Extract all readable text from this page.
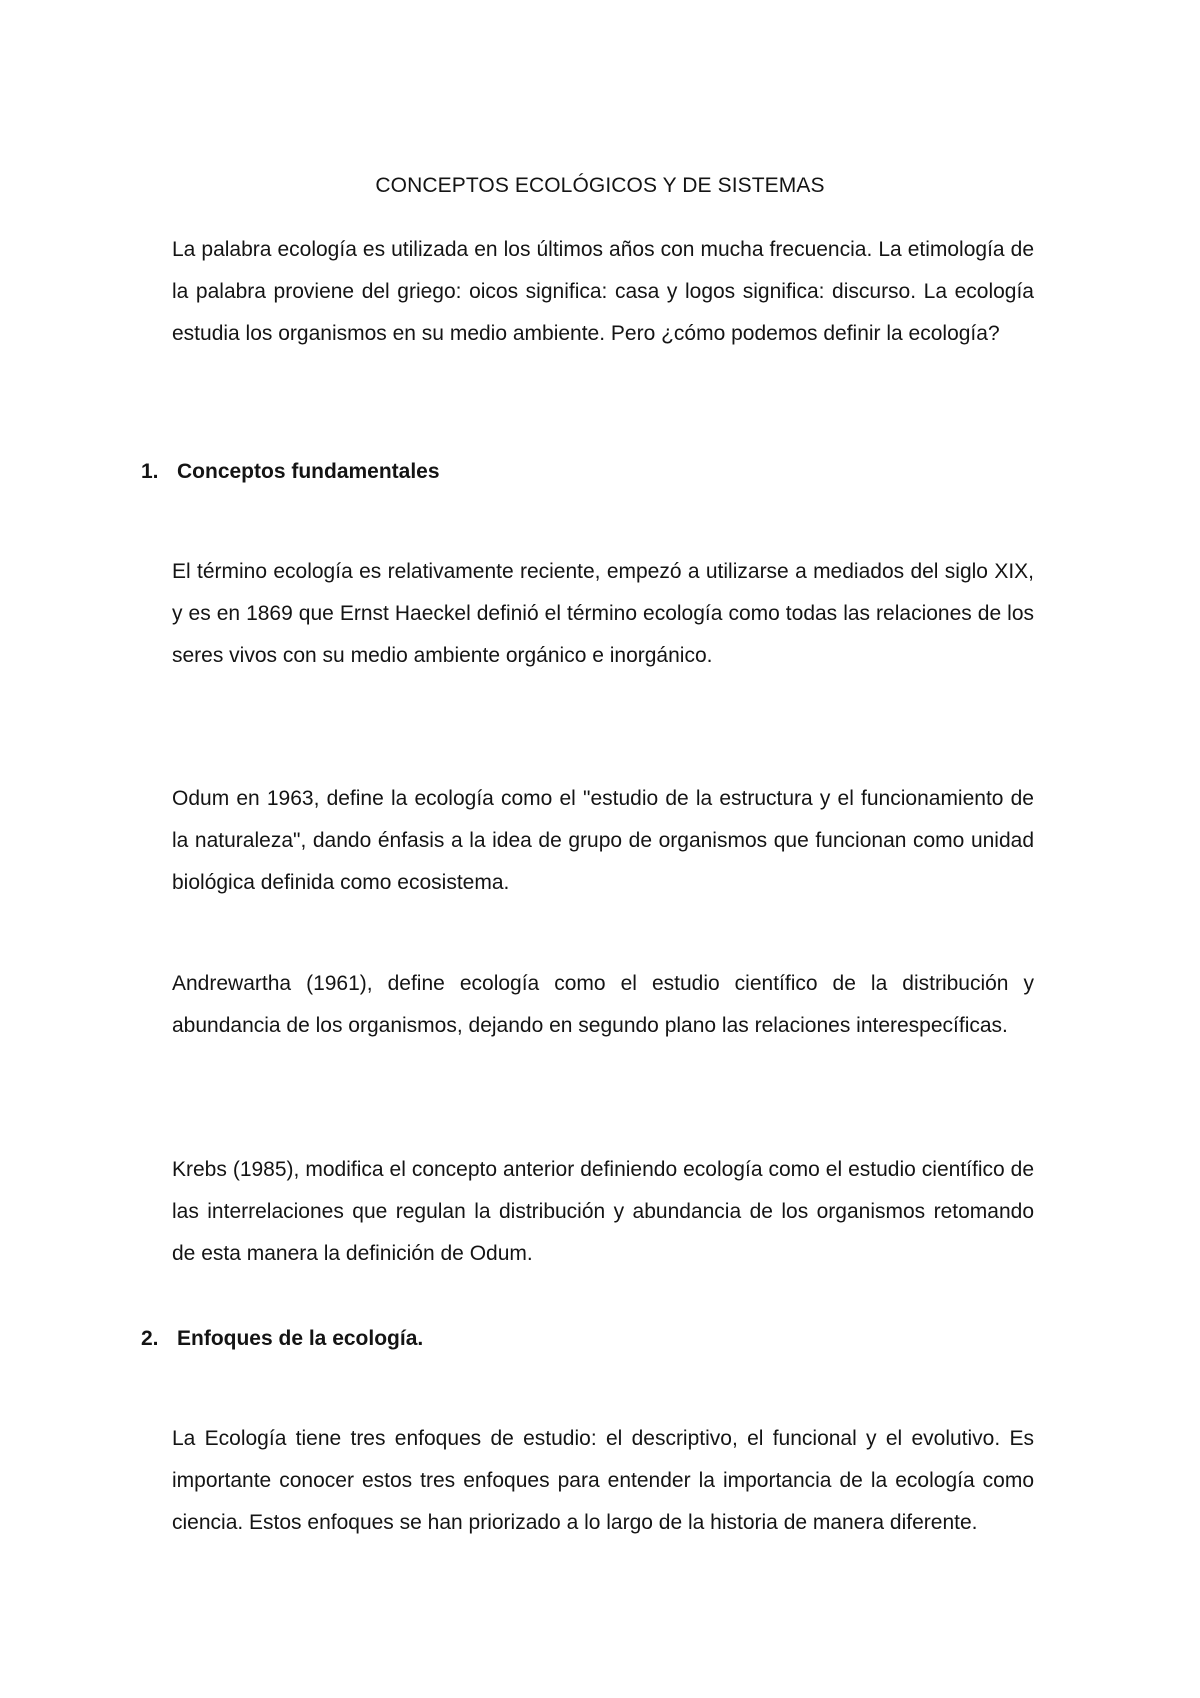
CONCEPTOS ECOLÓGICOS Y DE SISTEMAS

La palabra ecología es utilizada en los últimos años con mucha frecuencia. La etimología de la palabra proviene del griego: oicos significa: casa y logos significa: discurso. La ecología estudia los organismos en su medio ambiente. Pero ¿cómo podemos definir la ecología?

1. Conceptos fundamentales

El término ecología es relativamente reciente, empezó a utilizarse a mediados del siglo XIX, y es en 1869 que Ernst Haeckel definió el término ecología como todas las relaciones de los seres vivos con su medio ambiente orgánico e inorgánico.

Odum en 1963, define la ecología como el "estudio de la estructura y el funcionamiento de la naturaleza", dando énfasis a la idea de grupo de organismos que funcionan como unidad biológica definida como ecosistema.

Andrewartha (1961), define ecología como el estudio científico de la distribución y abundancia de los organismos, dejando en segundo plano las relaciones interespecíficas.

Krebs (1985), modifica el concepto anterior definiendo ecología como el estudio científico de las interrelaciones que regulan la distribución y abundancia de los organismos retomando de esta manera la definición de Odum.

2. Enfoques de la ecología.

La Ecología tiene tres enfoques de estudio: el descriptivo, el funcional y el evolutivo. Es importante conocer estos tres enfoques para entender la importancia de la ecología como ciencia. Estos enfoques se han priorizado a lo largo de la historia de manera diferente.
